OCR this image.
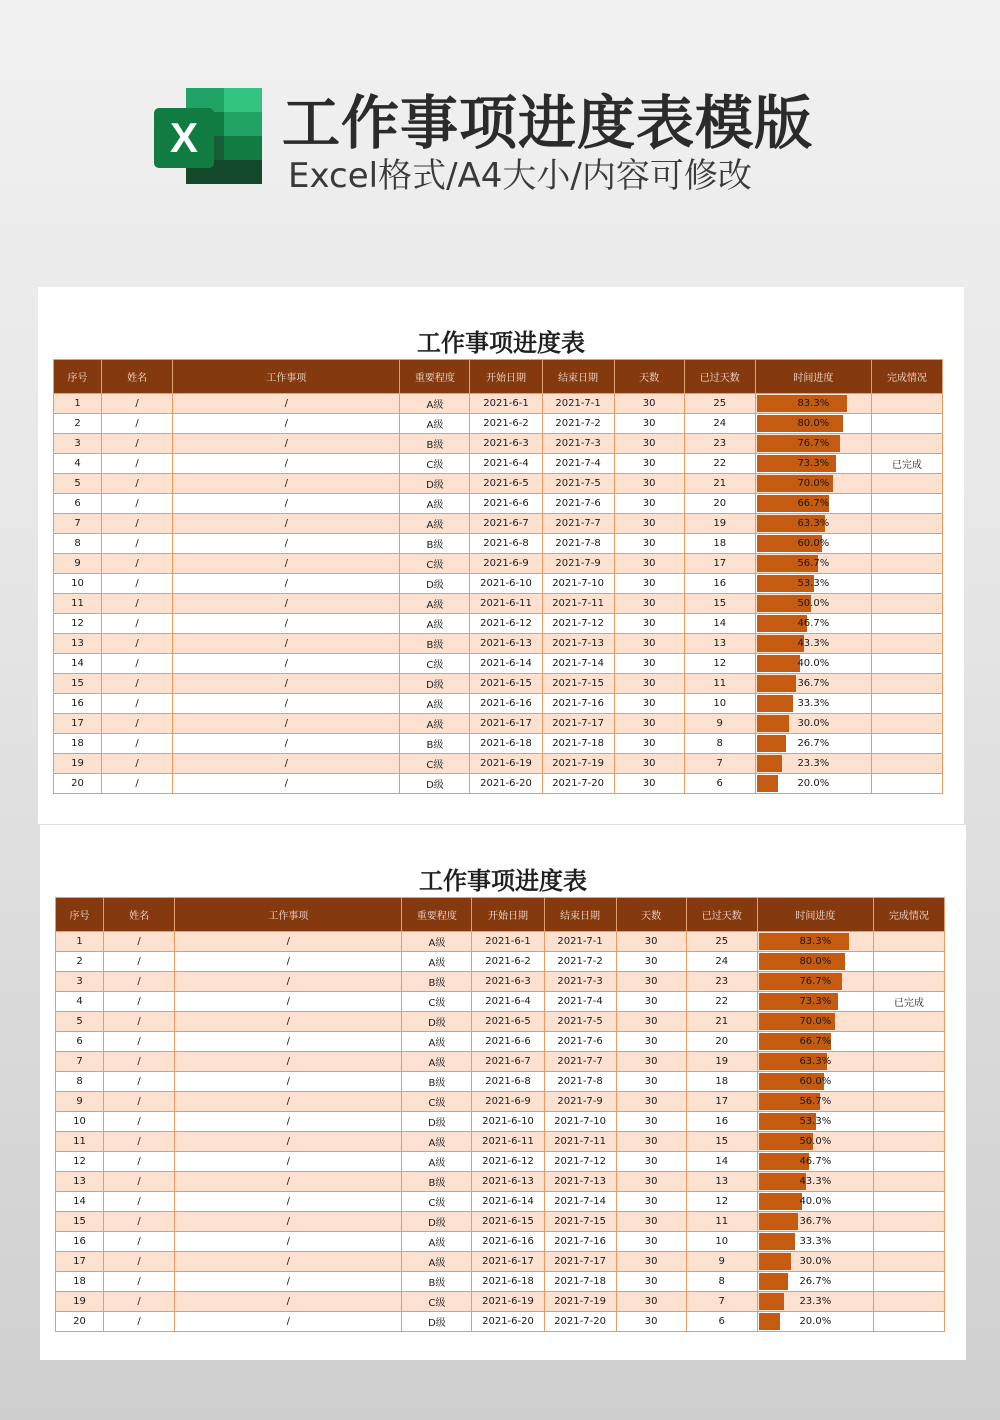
X 工作事项进度表模版
Excel格式/A4大小/内容可修改
工作事项进度表
序号	姓名	工作事项	重要程度	开始日期	结束日期	天数	已过天数	时间进度	完成情况
1	/	/	A级	2021-6-1	2021-7-1	30	25	83.3%	
2	/	/	A级	2021-6-2	2021-7-2	30	24	80.0%	
3	/	/	B级	2021-6-3	2021-7-3	30	23	76.7%	
4	/	/	C级	2021-6-4	2021-7-4	30	22	73.3%	已完成
5	/	/	D级	2021-6-5	2021-7-5	30	21	70.0%	
6	/	/	A级	2021-6-6	2021-7-6	30	20	66.7%	
7	/	/	A级	2021-6-7	2021-7-7	30	19	63.3%	
8	/	/	B级	2021-6-8	2021-7-8	30	18	60.0%	
9	/	/	C级	2021-6-9	2021-7-9	30	17	56.7%	
10	/	/	D级	2021-6-10	2021-7-10	30	16	53.3%	
11	/	/	A级	2021-6-11	2021-7-11	30	15	50.0%	
12	/	/	A级	2021-6-12	2021-7-12	30	14	46.7%	
13	/	/	B级	2021-6-13	2021-7-13	30	13	43.3%	
14	/	/	C级	2021-6-14	2021-7-14	30	12	40.0%	
15	/	/	D级	2021-6-15	2021-7-15	30	11	36.7%	
16	/	/	A级	2021-6-16	2021-7-16	30	10	33.3%	
17	/	/	A级	2021-6-17	2021-7-17	30	9	30.0%	
18	/	/	B级	2021-6-18	2021-7-18	30	8	26.7%	
19	/	/	C级	2021-6-19	2021-7-19	30	7	23.3%	
20	/	/	D级	2021-6-20	2021-7-20	30	6	20.0%	
工作事项进度表
序号	姓名	工作事项	重要程度	开始日期	结束日期	天数	已过天数	时间进度	完成情况
1	/	/	A级	2021-6-1	2021-7-1	30	25	83.3%	
2	/	/	A级	2021-6-2	2021-7-2	30	24	80.0%	
3	/	/	B级	2021-6-3	2021-7-3	30	23	76.7%	
4	/	/	C级	2021-6-4	2021-7-4	30	22	73.3%	已完成
5	/	/	D级	2021-6-5	2021-7-5	30	21	70.0%	
6	/	/	A级	2021-6-6	2021-7-6	30	20	66.7%	
7	/	/	A级	2021-6-7	2021-7-7	30	19	63.3%	
8	/	/	B级	2021-6-8	2021-7-8	30	18	60.0%	
9	/	/	C级	2021-6-9	2021-7-9	30	17	56.7%	
10	/	/	D级	2021-6-10	2021-7-10	30	16	53.3%	
11	/	/	A级	2021-6-11	2021-7-11	30	15	50.0%	
12	/	/	A级	2021-6-12	2021-7-12	30	14	46.7%	
13	/	/	B级	2021-6-13	2021-7-13	30	13	43.3%	
14	/	/	C级	2021-6-14	2021-7-14	30	12	40.0%	
15	/	/	D级	2021-6-15	2021-7-15	30	11	36.7%	
16	/	/	A级	2021-6-16	2021-7-16	30	10	33.3%	
17	/	/	A级	2021-6-17	2021-7-17	30	9	30.0%	
18	/	/	B级	2021-6-18	2021-7-18	30	8	26.7%	
19	/	/	C级	2021-6-19	2021-7-19	30	7	23.3%	
20	/	/	D级	2021-6-20	2021-7-20	30	6	20.0%	
